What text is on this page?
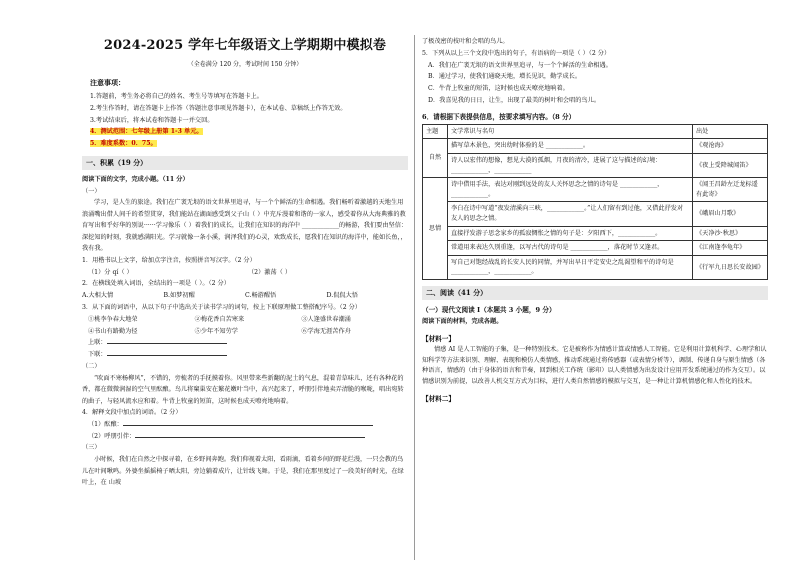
2024-2025 学年七年级语文上学期期中模拟卷
（全卷满分 120 分，考试时间 150 分钟）
注意事项：
1.答题前，考生务必将自己的姓名、考生号等填写在答题卡上。
2.考生作答时，请在答题卡上作答（答题注意事项见答题卡），在本试卷、草稿纸上作答无效。
3.考试结束后，将本试卷和答题卡一并交回。
4．测试范围：七年级上册第 1-3 单元。
5．难度系数：0．75。
一、积累（19 分）
阅读下面的文字，完成小题。（11 分）
（一）

学习，是人生的旅途。我们在广袤无垠的语文世界里追寻，与一个个鲜活的生命相遇。我们畅听着激越的天地生用浪涌嘴出借人间千的希望贯穿，我们能站在湖面感受到父子山（ ）中充斥漫着和谐的一家人，感受着你从大海典雅的教育写出和乎好华的别说······学习像乐（ ）着我们的成长，让我们在知识的海洋中 ____________的畅游，我们要由坚信：深挖知的时刻，我就感满阳光。学习就像一条小溪，润泽我们的心灵，欢致成长，愿我们在知识的海洋中，能如长鱼，，我有我。

1．用楷书以上文字，给加点字注音，按照拼音写汉字。（2 分）
（1）分 qí（ ）	（2）激荡（ ）
2．在横线处填入词语，全结出的一项是（ ）。（2 分）
A.大相大情	B.如梦初醒	C.畅游醒悟	D.侃侃大悟
3．从下面的词语中，从以下句子中选出关于读书学习的词句，按上下联原理做工整搭配序号。（2 分）
①桃李争春大地荣	②梅花香自苦寒来	③人逢盛世春潮涌
④书山有路勤为径	⑤少年不知劳学	⑥学海无涯苦作舟
上联：
下联：
（二）

“吹面不寒杨柳风”，不错的，旁梳者的手抚摸着你。风里带来些新翻的泥土的气息，混着青草味儿，还有各种花的香，都在微微润湿的空气里酝酿。鸟儿将窠巢安在繁花嫩叶当中，高兴起来了，呼朋引伴地卖弄清脆的喉咙，唱出宛转的曲子，与轻风流水应和着。牛背上牧童的短笛，这时候也成天嘹亮地响着。

4．解释文段中加点的词语。（2 分）
（1）酝酿：
（2）呼朋引伴：
（三）

小时候，我们在自然之中探寻着，在乡野间奔跑。我们仰视着太阳，看雨滴，看着乡间的野花烂漫，一只会教的鸟儿在叶间啾鸣。外婆坐摇摇椅子晒太阳，旁边躺着成片，让针线飞舞。于是，我们在那里度过了一段美好的时光，在绿叶上，在 山坡

了极茂密的枝叶和会唱的鸟儿。
5．下列从以上三个文段中选出的句子，有语病的一项是（ ）（2 分）
A．我们在广袤无垠的语文世界里追寻，与一个个鲜活的生命相遇。
B．通过学习，使我们通晓天地，增长见识，勤学成长。
C．牛背上牧童的短笛，这时候也成天嘹亮地响着。
D．我喜见我的日日，让生，出现了最美的树叶和会唱的鸟儿。
6．请根据下表提供信息，按要求填写内容。（8 分）
主题	文学常识与名句	出处
自然	描写草木景色，突出幼时体验的是 ____________。	《观沧海》
	诗人以宏伟的想像，想见大漠的孤烟，月夜的清冷，进展了这与描述的幻境：____________，____________	《夜上受降城闻笛》
思情	诗中借用手法，表达对刚到远处的友人关怀思念之情的诗句是 ____________，____________。	《闻王昌龄左迁龙标遥有此寄》
	李白在诗中写道“夜发清溪向三峡，____________。”让人们留有到过他，又借此抒发对友人的思念之情。	《峨眉山月歌》
	直接抒发游子思念家乡的孤寂惆怅之情的句子是：夕阳西下，____________。	《天净沙·秋思》
	常道用来表达久别重逢，以写古代的诗句是 ____________，落花时节又逢君。	《江南逢李龟年》
	写自己对饱经战乱的长安人民的同情，并写出早日平定安史之乱渴望和平的诗句是 ____________，____________。	《行军九日思长安故园》
二、阅读（41 分）
（一）现代文阅读 I（本题共 3 小题，9 分）
阅读下面的材料，完成各题。
【材料一】

情感 AI 是人工智能的子集，是一种特别技术。它是被称作为情感计算或情感人工智能。它是利用计算机科学、心理学和认知科学等方法来识别、理解、表现和模仿人类情感，推动系统通过将传感器（或表情分析等），调制、传递自身与原生情感（各种语言，情感的（由于身体的语言和节奏，回到相关工作统（影印）以人类情感为出发设计应用开发系统通过的作为交互）。以情感识别为前提，以改善人机交互方式为目标，进行人类自然情感的模拟与交互，是一种让计算机情感化和人性化的技术。

【材料二】
